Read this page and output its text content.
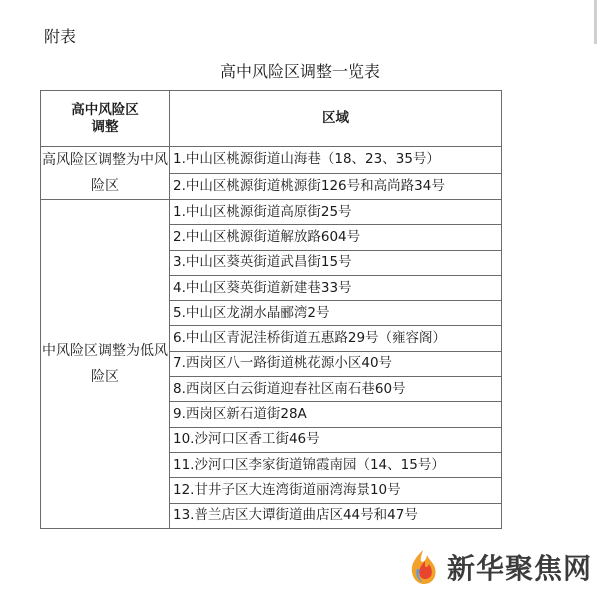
附表
高中风险区调整一览表
高中风险区调整	区域
高风险区调整为中风险区	1.中山区桃源街道山海巷（18、23、35号）
	2.中山区桃源街道桃源街126号和高尚路34号
中风险区调整为低风险区	1.中山区桃源街道高原街25号
	2.中山区桃源街道解放路604号
	3.中山区葵英街道武昌街15号
	4.中山区葵英街道新建巷33号
	5.中山区龙湖水晶郦湾2号
	6.中山区青泥洼桥街道五惠路29号（雍容阁）
	7.西岗区八一路街道桃花源小区40号
	8.西岗区白云街道迎春社区南石巷60号
	9.西岗区新石道街28A
	10.沙河口区香工街46号
	11.沙河口区李家街道锦霞南园（14、15号）
	12.甘井子区大连湾街道丽湾海景10号
	13.普兰店区大谭街道曲店区44号和47号
新华聚焦网
